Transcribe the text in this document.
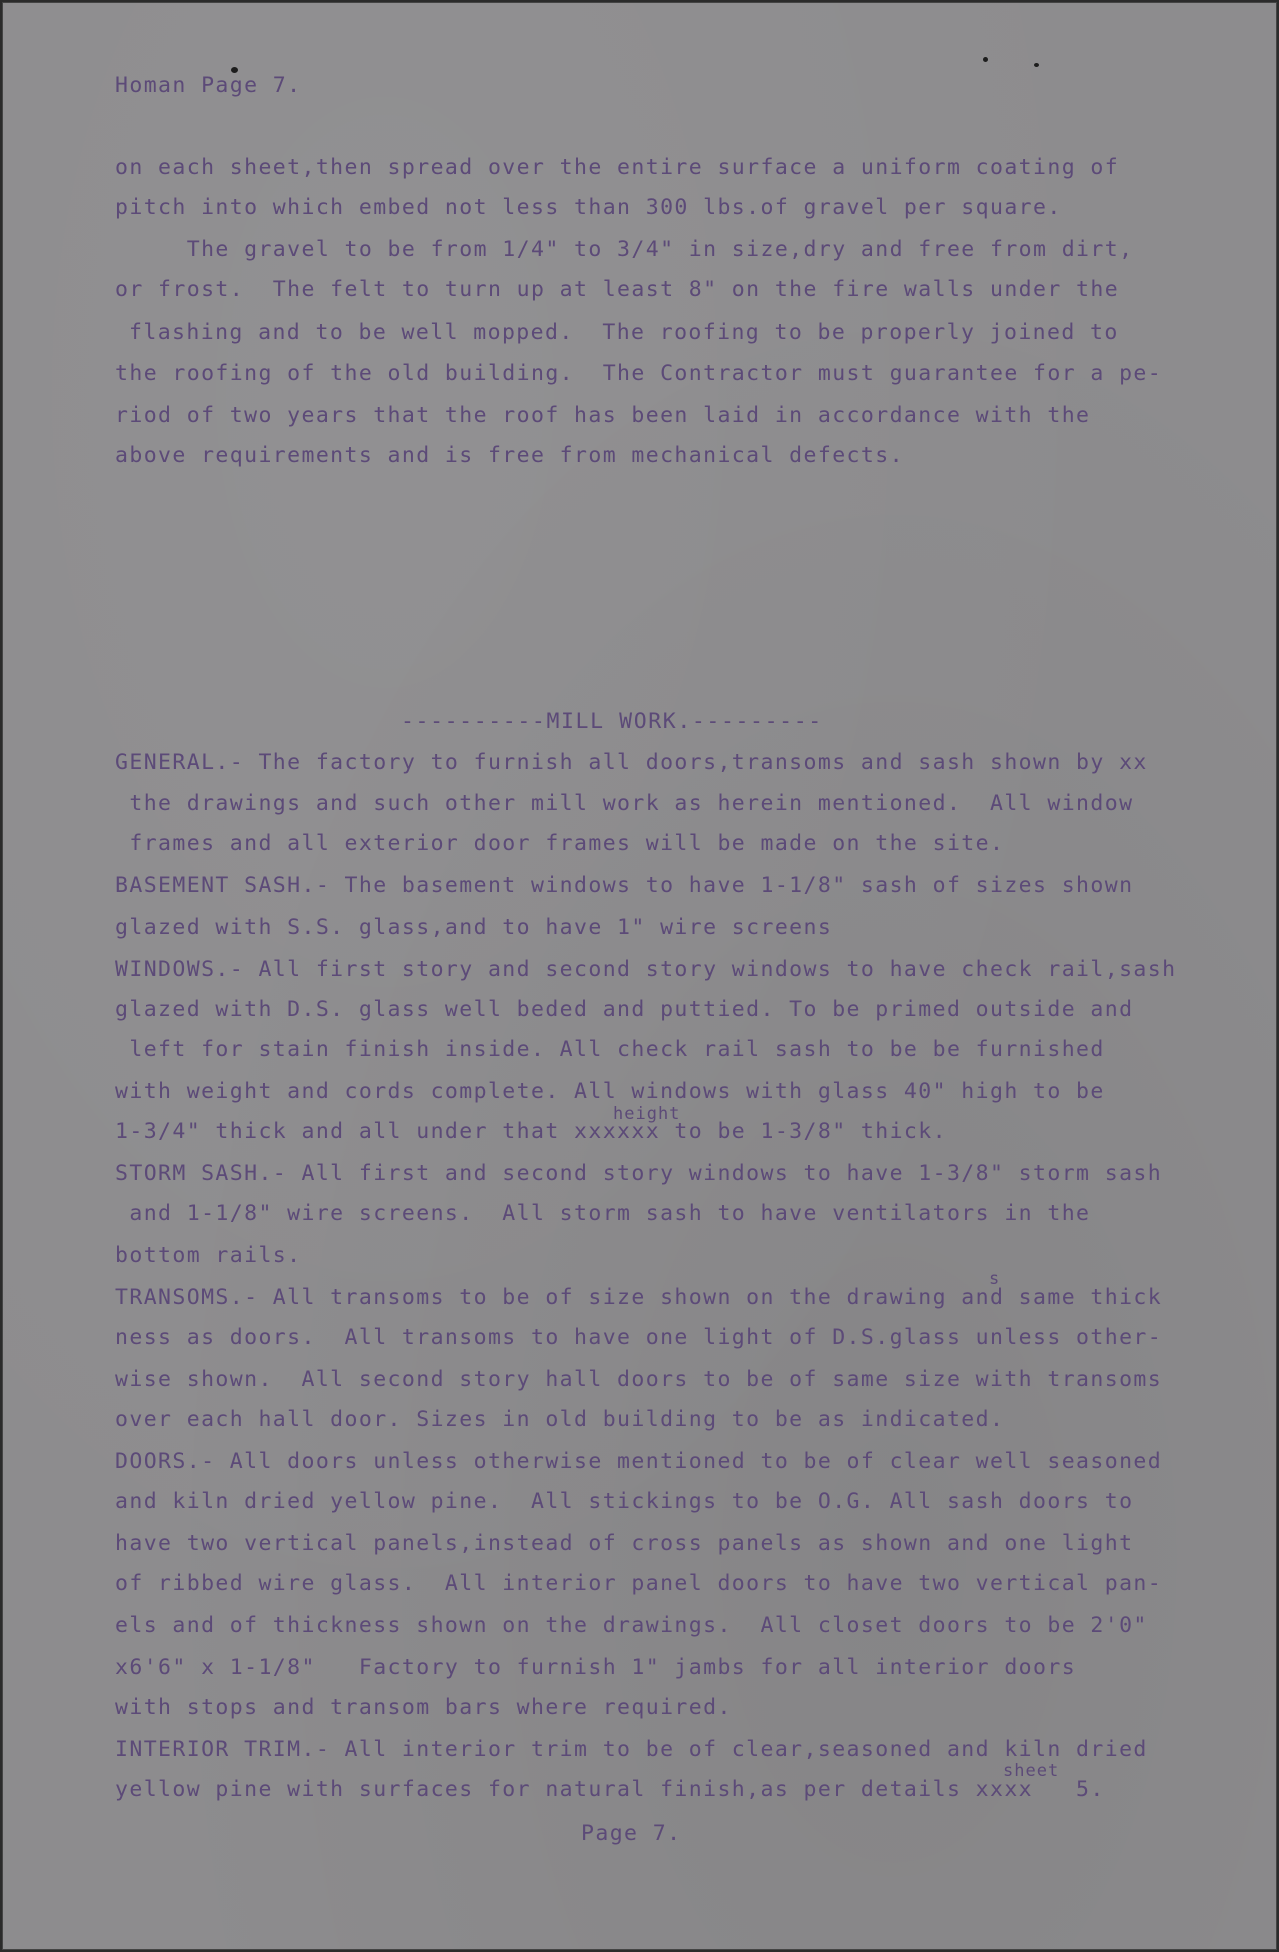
Homan Page 7.
on each sheet,then spread over the entire surface a uniform coating of
pitch into which embed not less than 300 lbs.of gravel per square.
The gravel to be from 1/4" to 3/4" in size,dry and free from dirt,
or frost.  The felt to turn up at least 8" on the fire walls under the
flashing and to be well mopped.  The roofing to be properly joined to
the roofing of the old building.  The Contractor must guarantee for a pe-
riod of two years that the roof has been laid in accordance with the
above requirements and is free from mechanical defects.
----------MILL WORK.---------
GENERAL.- The factory to furnish all doors,transoms and sash shown by xx
the drawings and such other mill work as herein mentioned.  All window
frames and all exterior door frames will be made on the site.
BASEMENT SASH.- The basement windows to have 1-1/8" sash of sizes shown
glazed with S.S. glass,and to have 1" wire screens
WINDOWS.- All first story and second story windows to have check rail,sash
glazed with D.S. glass well beded and puttied. To be primed outside and
left for stain finish inside. All check rail sash to be be furnished
with weight and cords complete. All windows with glass 40" high to be
height
1-3/4" thick and all under that xxxxxx to be 1-3/8" thick.
STORM SASH.- All first and second story windows to have 1-3/8" storm sash
and 1-1/8" wire screens.  All storm sash to have ventilators in the
bottom rails.
s
TRANSOMS.- All transoms to be of size shown on the drawing and same thick
ness as doors.  All transoms to have one light of D.S.glass unless other-
wise shown.  All second story hall doors to be of same size with transoms
over each hall door. Sizes in old building to be as indicated.
DOORS.- All doors unless otherwise mentioned to be of clear well seasoned
and kiln dried yellow pine.  All stickings to be O.G. All sash doors to
have two vertical panels,instead of cross panels as shown and one light
of ribbed wire glass.  All interior panel doors to have two vertical pan-
els and of thickness shown on the drawings.  All closet doors to be 2'0"
x6'6" x 1-1/8"   Factory to furnish 1" jambs for all interior doors
with stops and transom bars where required.
INTERIOR TRIM.- All interior trim to be of clear,seasoned and kiln dried
sheet
yellow pine with surfaces for natural finish,as per details xxxx   5.
Page 7.
